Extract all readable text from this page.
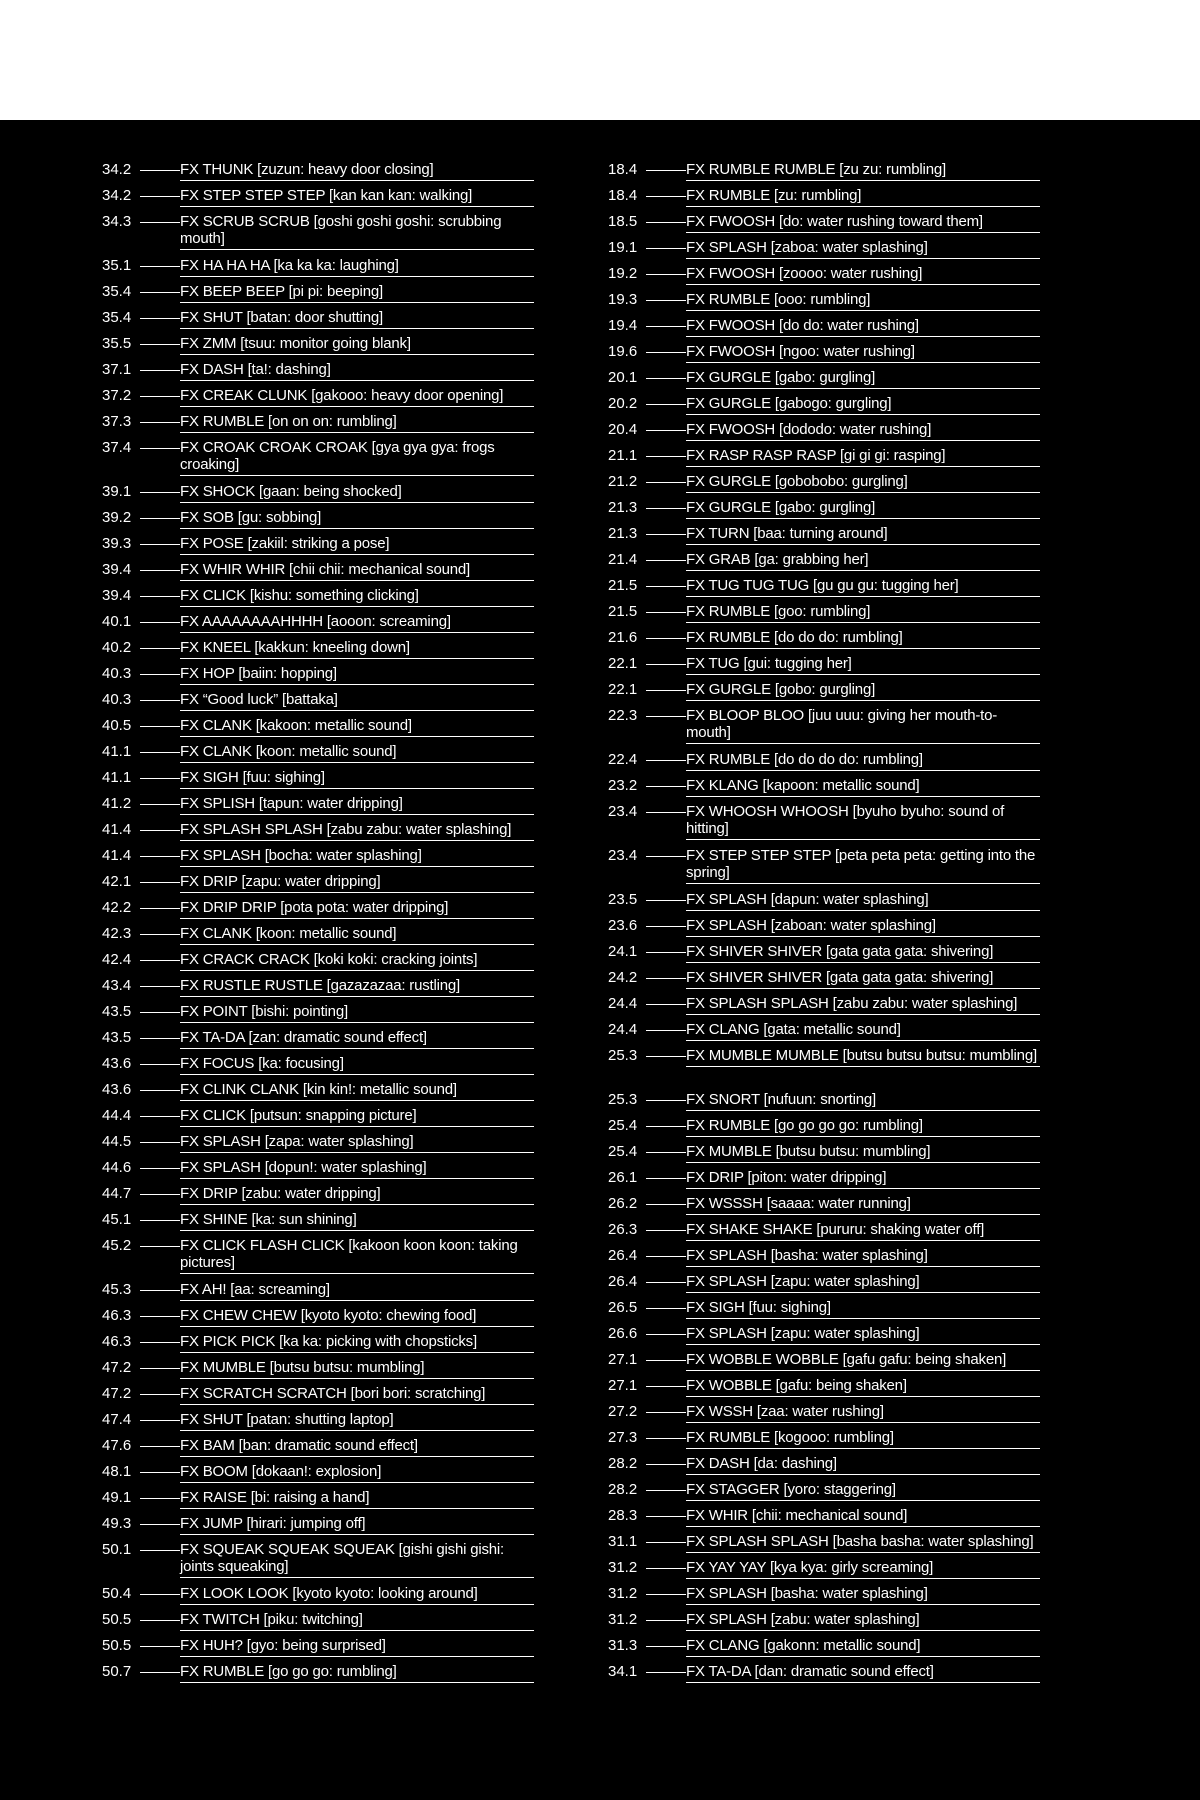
34.2	FX THUNK [zuzun: heavy door closing]
34.2	FX STEP STEP STEP [kan kan kan: walking]
34.3	FX SCRUB SCRUB [goshi goshi goshi: scrubbing mouth]
35.1	FX HA HA HA [ka ka ka: laughing]
35.4	FX BEEP BEEP [pi pi: beeping]
35.4	FX SHUT [batan: door shutting]
35.5	FX ZMM [tsuu: monitor going blank]
37.1	FX DASH [ta!: dashing]
37.2	FX CREAK CLUNK [gakooo: heavy door opening]
37.3	FX RUMBLE [on on on: rumbling]
37.4	FX CROAK CROAK CROAK [gya gya gya: frogs croaking]
39.1	FX SHOCK [gaan: being shocked]
39.2	FX SOB [gu: sobbing]
39.3	FX POSE [zakiil: striking a pose]
39.4	FX WHIR WHIR [chii chii: mechanical sound]
39.4	FX CLICK [kishu: something clicking]
40.1	FX AAAAAAAAHHHH [aooon: screaming]
40.2	FX KNEEL [kakkun: kneeling down]
40.3	FX HOP [baiin: hopping]
40.3	FX “Good luck” [battaka]
40.5	FX CLANK [kakoon: metallic sound]
41.1	FX CLANK [koon: metallic sound]
41.1	FX SIGH [fuu: sighing]
41.2	FX SPLISH [tapun: water dripping]
41.4	FX SPLASH SPLASH [zabu zabu: water splashing]
41.4	FX SPLASH [bocha: water splashing]
42.1	FX DRIP [zapu: water dripping]
42.2	FX DRIP DRIP [pota pota: water dripping]
42.3	FX CLANK [koon: metallic sound]
42.4	FX CRACK CRACK [koki koki: cracking joints]
43.4	FX RUSTLE RUSTLE [gazazazaa: rustling]
43.5	FX POINT [bishi: pointing]
43.5	FX TA-DA [zan: dramatic sound effect]
43.6	FX FOCUS [ka: focusing]
43.6	FX CLINK CLANK [kin kin!: metallic sound]
44.4	FX CLICK [putsun: snapping picture]
44.5	FX SPLASH [zapa: water splashing]
44.6	FX SPLASH [dopun!: water splashing]
44.7	FX DRIP [zabu: water dripping]
45.1	FX SHINE [ka: sun shining]
45.2	FX CLICK FLASH CLICK [kakoon koon koon: taking pictures]
45.3	FX AH! [aa: screaming]
46.3	FX CHEW CHEW [kyoto kyoto: chewing food]
46.3	FX PICK PICK [ka ka: picking with chopsticks]
47.2	FX MUMBLE [butsu butsu: mumbling]
47.2	FX SCRATCH SCRATCH [bori bori: scratching]
47.4	FX SHUT [patan: shutting laptop]
47.6	FX BAM [ban: dramatic sound effect]
48.1	FX BOOM [dokaan!: explosion]
49.1	FX RAISE [bi: raising a hand]
49.3	FX JUMP [hirari: jumping off]
50.1	FX SQUEAK SQUEAK SQUEAK [gishi gishi gishi: joints squeaking]
50.4	FX LOOK LOOK [kyoto kyoto: looking around]
50.5	FX TWITCH [piku: twitching]
50.5	FX HUH? [gyo: being surprised]
50.7	FX RUMBLE [go go go: rumbling]
18.4	FX RUMBLE RUMBLE [zu zu: rumbling]
18.4	FX RUMBLE [zu: rumbling]
18.5	FX FWOOSH [do: water rushing toward them]
19.1	FX SPLASH [zaboa: water splashing]
19.2	FX FWOOSH [zoooo: water rushing]
19.3	FX RUMBLE [ooo: rumbling]
19.4	FX FWOOSH [do do: water rushing]
19.6	FX FWOOSH [ngoo: water rushing]
20.1	FX GURGLE [gabo: gurgling]
20.2	FX GURGLE [gabogo: gurgling]
20.4	FX FWOOSH [dododo: water rushing]
21.1	FX RASP RASP RASP [gi gi gi: rasping]
21.2	FX GURGLE [gobobobo: gurgling]
21.3	FX GURGLE [gabo: gurgling]
21.3	FX TURN [baa: turning around]
21.4	FX GRAB [ga: grabbing her]
21.5	FX TUG TUG TUG [gu gu gu: tugging her]
21.5	FX RUMBLE [goo: rumbling]
21.6	FX RUMBLE [do do do: rumbling]
22.1	FX TUG [gui: tugging her]
22.1	FX GURGLE [gobo: gurgling]
22.3	FX BLOOP BLOO [juu uuu: giving her mouth-to-mouth]
22.4	FX RUMBLE [do do do do: rumbling]
23.2	FX KLANG [kapoon: metallic sound]
23.4	FX WHOOSH WHOOSH [byuho byuho: sound of hitting]
23.4	FX STEP STEP STEP [peta peta peta: getting into the spring]
23.5	FX SPLASH [dapun: water splashing]
23.6	FX SPLASH [zaboan: water splashing]
24.1	FX SHIVER SHIVER [gata gata gata: shivering]
24.2	FX SHIVER SHIVER [gata gata gata: shivering]
24.4	FX SPLASH SPLASH [zabu zabu: water splashing]
24.4	FX CLANG [gata: metallic sound]
25.3	FX MUMBLE MUMBLE [butsu butsu butsu: mumbling]
25.3	FX SNORT [nufuun: snorting]
25.4	FX RUMBLE [go go go go: rumbling]
25.4	FX MUMBLE [butsu butsu: mumbling]
26.1	FX DRIP [piton: water dripping]
26.2	FX WSSSH [saaaa: water running]
26.3	FX SHAKE SHAKE [pururu: shaking water off]
26.4	FX SPLASH [basha: water splashing]
26.4	FX SPLASH [zapu: water splashing]
26.5	FX SIGH [fuu: sighing]
26.6	FX SPLASH [zapu: water splashing]
27.1	FX WOBBLE WOBBLE [gafu gafu: being shaken]
27.1	FX WOBBLE [gafu: being shaken]
27.2	FX WSSH [zaa: water rushing]
27.3	FX RUMBLE [kogooo: rumbling]
28.2	FX DASH [da: dashing]
28.2	FX STAGGER [yoro: staggering]
28.3	FX WHIR [chii: mechanical sound]
31.1	FX SPLASH SPLASH [basha basha: water splashing]
31.2	FX YAY YAY [kya kya: girly screaming]
31.2	FX SPLASH [basha: water splashing]
31.2	FX SPLASH [zabu: water splashing]
31.3	FX CLANG [gakonn: metallic sound]
34.1	FX TA-DA [dan: dramatic sound effect]
